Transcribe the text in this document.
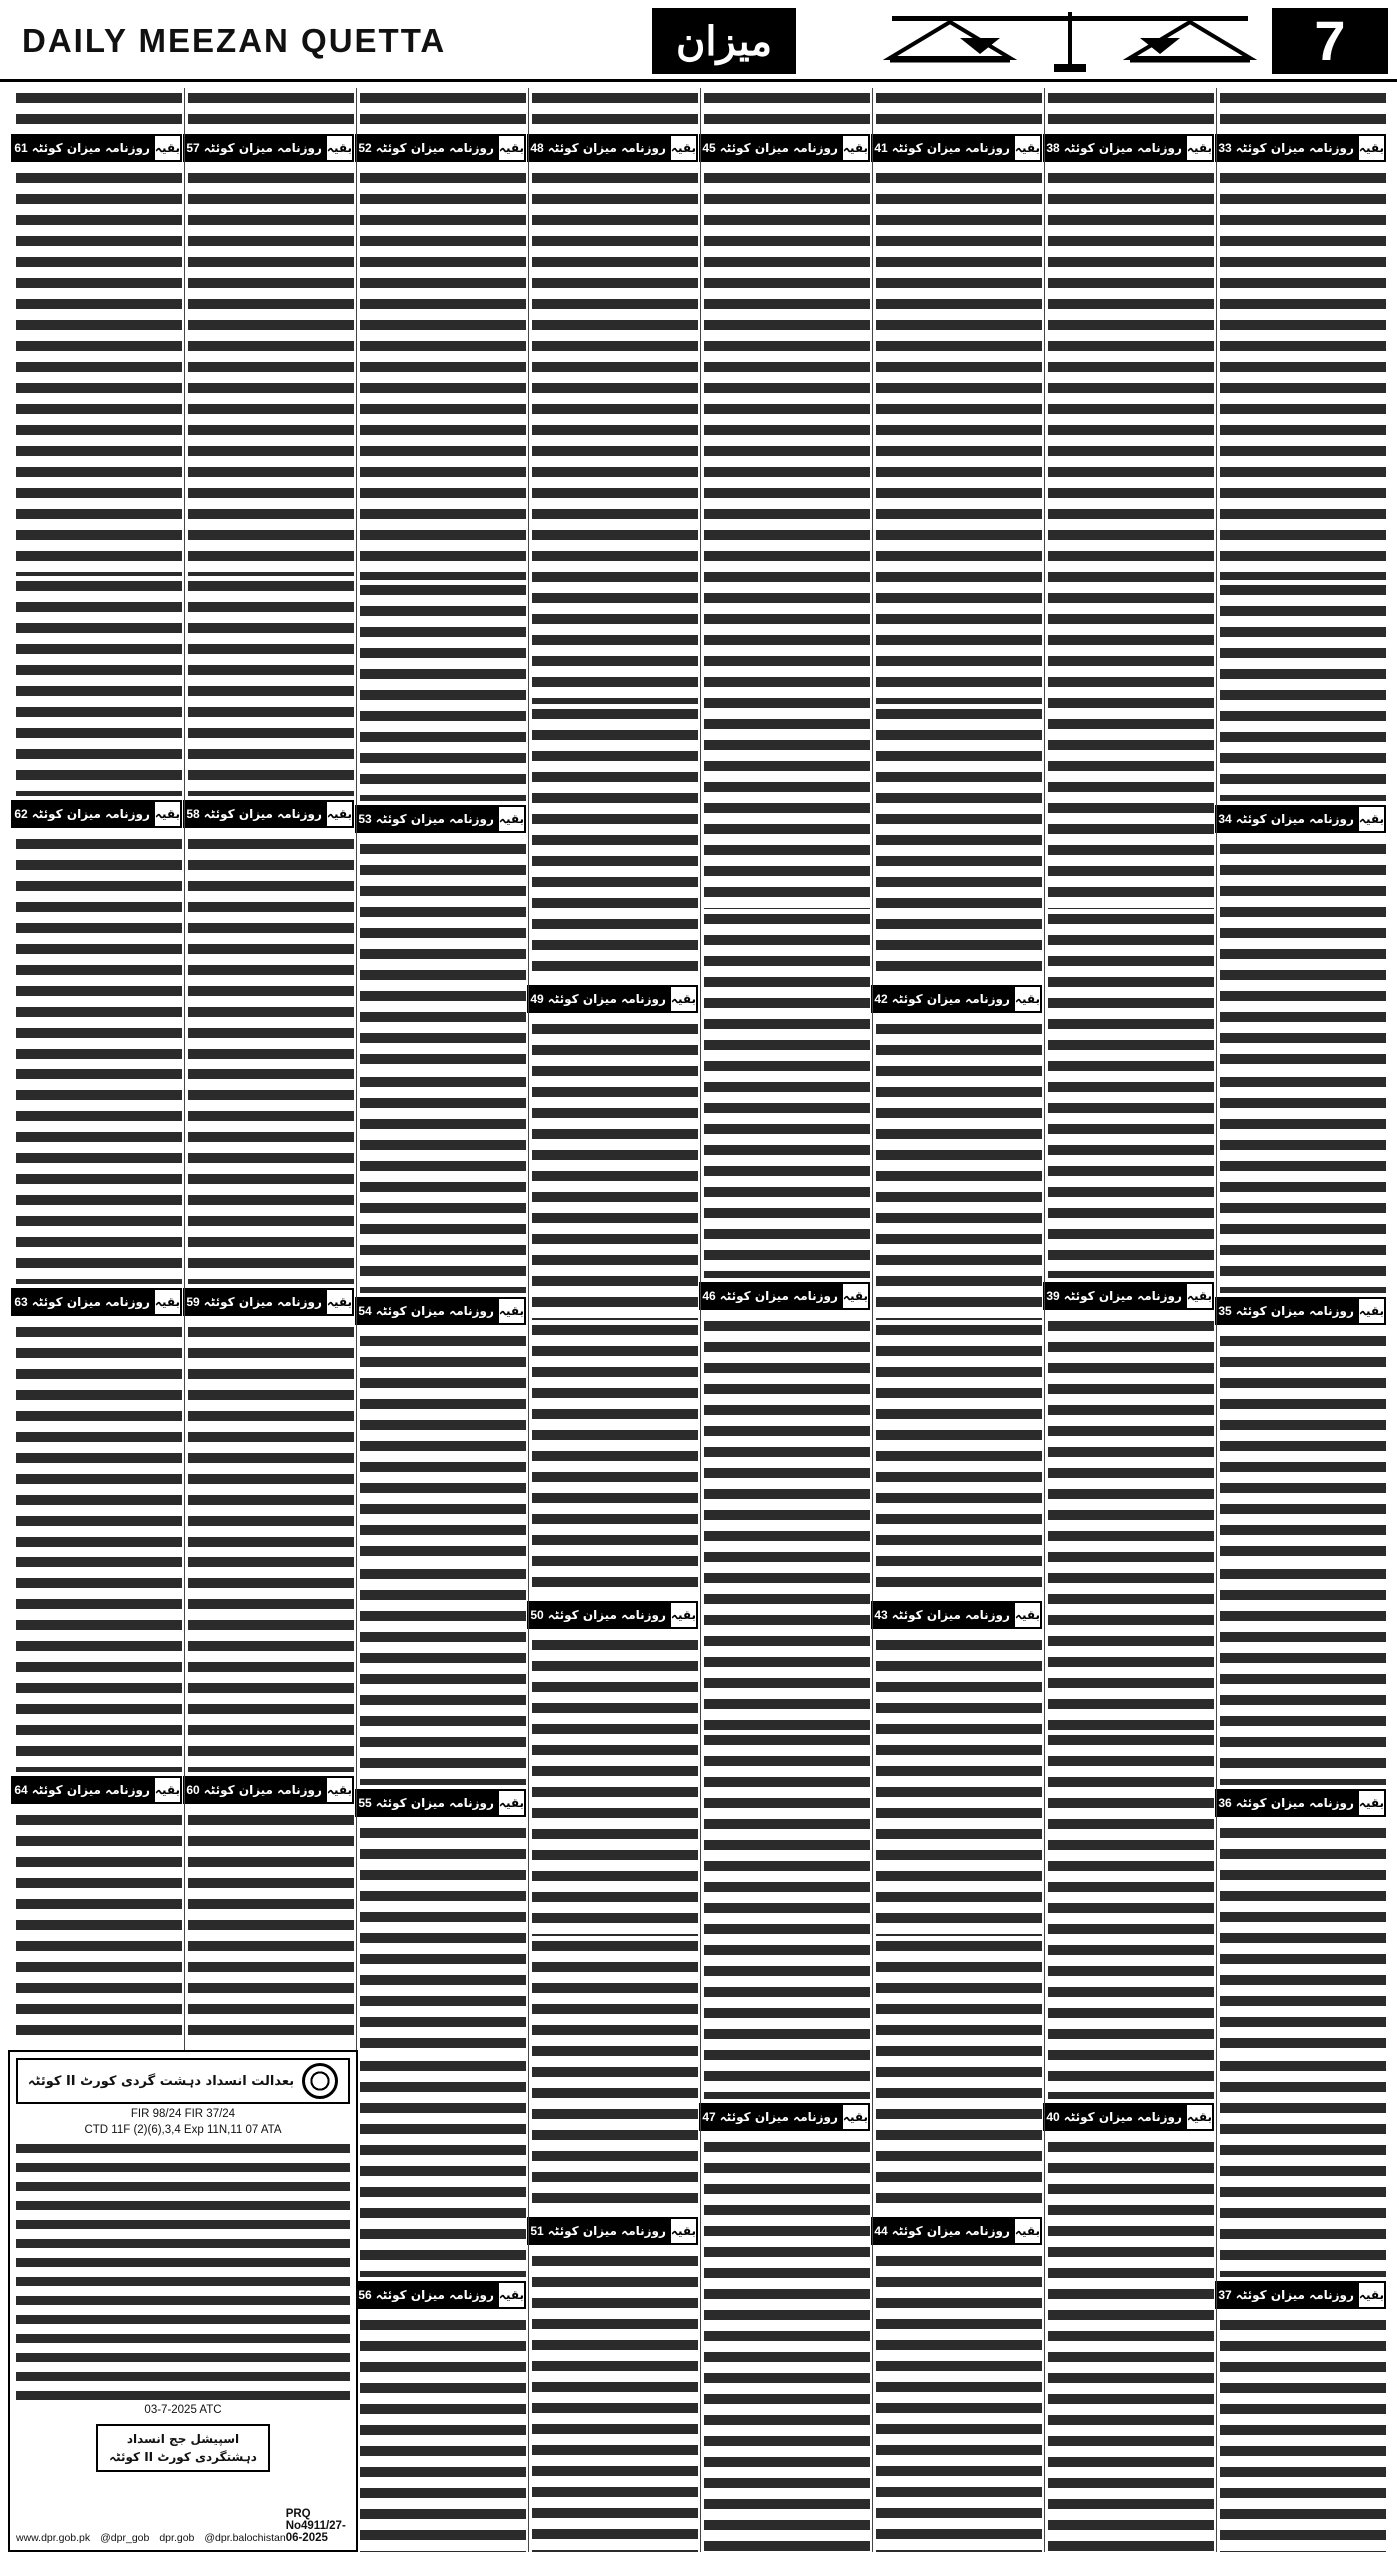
DAILY MEEZAN QUETTA	میزان	7
بقیہ
روزنامہ میزان کوئٹہ
33
بقیہ
روزنامہ میزان کوئٹہ
34
بقیہ
روزنامہ میزان کوئٹہ
35
بقیہ
روزنامہ میزان کوئٹہ
36
بقیہ
روزنامہ میزان کوئٹہ
37
بقیہ
روزنامہ میزان کوئٹہ
38
بقیہ
روزنامہ میزان کوئٹہ
39
بقیہ
روزنامہ میزان کوئٹہ
40
بقیہ
روزنامہ میزان کوئٹہ
41
بقیہ
روزنامہ میزان کوئٹہ
42
بقیہ
روزنامہ میزان کوئٹہ
43
بقیہ
روزنامہ میزان کوئٹہ
44
بقیہ
روزنامہ میزان کوئٹہ
45
بقیہ
روزنامہ میزان کوئٹہ
46
بقیہ
روزنامہ میزان کوئٹہ
47
بقیہ
روزنامہ میزان کوئٹہ
48
بقیہ
روزنامہ میزان کوئٹہ
49
بقیہ
روزنامہ میزان کوئٹہ
50
بقیہ
روزنامہ میزان کوئٹہ
51
بقیہ
روزنامہ میزان کوئٹہ
52
بقیہ
روزنامہ میزان کوئٹہ
53
بقیہ
روزنامہ میزان کوئٹہ
54
بقیہ
روزنامہ میزان کوئٹہ
55
بقیہ
روزنامہ میزان کوئٹہ
56
بقیہ
روزنامہ میزان کوئٹہ
57
بقیہ
روزنامہ میزان کوئٹہ
58
بقیہ
روزنامہ میزان کوئٹہ
59
بقیہ
روزنامہ میزان کوئٹہ
60
بقیہ
روزنامہ میزان کوئٹہ
61
بقیہ
روزنامہ میزان کوئٹہ
62
بقیہ
روزنامہ میزان کوئٹہ
63
بقیہ
روزنامہ میزان کوئٹہ
64
بعدالت انسداد دہشت گردی کورٹ II کوئٹہ
FIR 98/24 FIR 37/24
CTD 11F (2)(6),3,4 Exp 11N,11 07 ATA
03-7-2025 ATC
اسپیشل جج انسداد دہشتگردی کورٹ II کوئٹہ
www.dpr.gob.pk @dpr_gob dpr.gob @dpr.balochistan
PRQ No4911/27-06-2025
